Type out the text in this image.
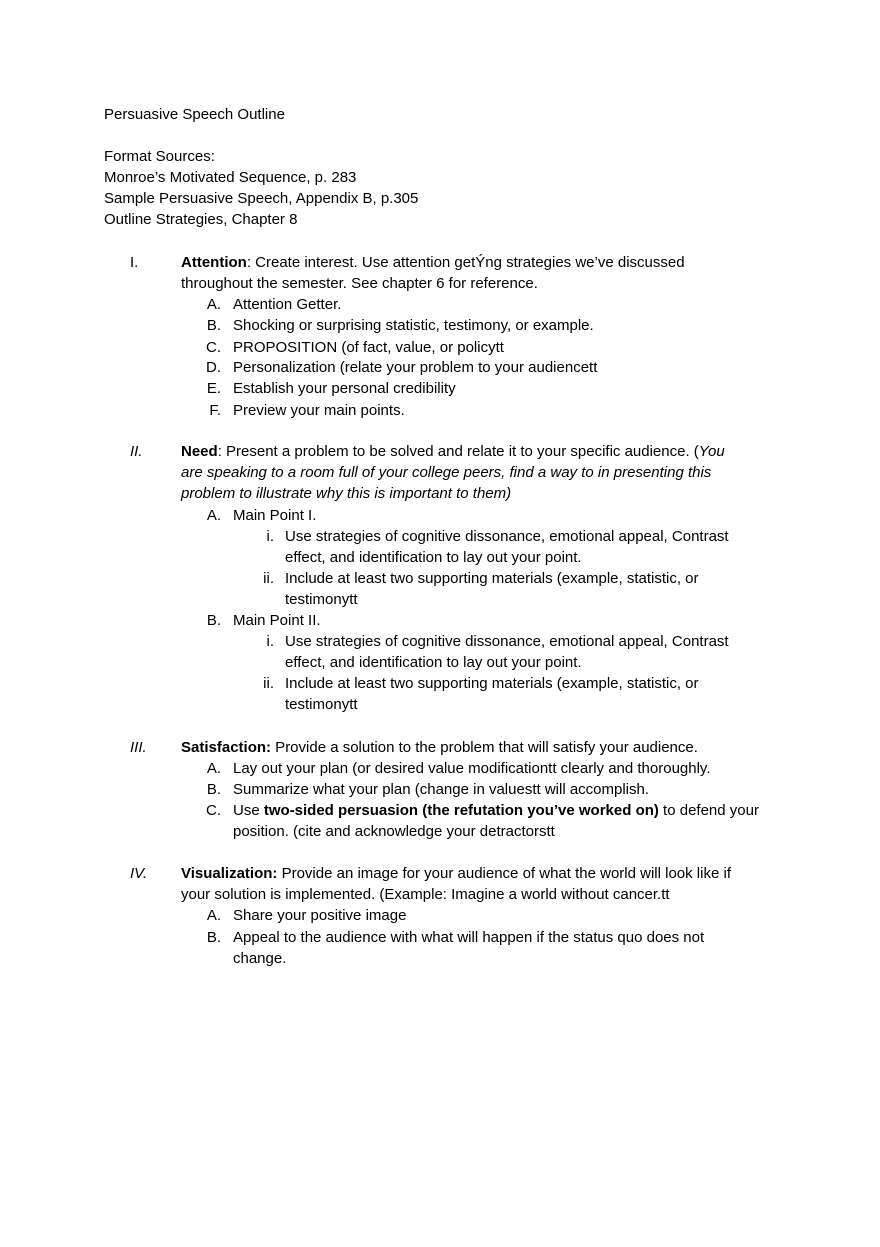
Persuasive Speech Outline
Format Sources:
Monroe’s Motivated Sequence, p. 283
Sample Persuasive Speech, Appendix B, p.305
Outline Strategies, Chapter 8
I.	Attention: Create interest. Use attention getÝng strategies we’ve discussed
throughout the semester. See chapter 6 for reference.
A. Attention Getter.
B. Shocking or surprising statistic, testimony, or example.
C. PROPOSITION (of fact, value, or policytt
D. Personalization (relate your problem to your audiencett
E. Establish your personal credibility
F. Preview your main points.
II.	Need: Present a problem to be solved and relate it to your specific audience. (You
are speaking to a room full of your college peers, find a way to in presenting this
problem to illustrate why this is important to them)
A. Main Point I.
i. Use strategies of cognitive dissonance, emotional appeal, Contrast
effect, and identification to lay out your point.
ii. Include at least two supporting materials (example, statistic, or
testimonytt
B. Main Point II.
i. Use strategies of cognitive dissonance, emotional appeal, Contrast
effect, and identification to lay out your point.
ii. Include at least two supporting materials (example, statistic, or
testimonytt
III. Satisfaction: Provide a solution to the problem that will satisfy your audience.
A. Lay out your plan (or desired value modificationtt clearly and thoroughly.
B. Summarize what your plan (change in valuestt will accomplish.
C. Use two-sided persuasion (the refutation you’ve worked on) to defend your
position. (cite and acknowledge your detractorstt
IV. Visualization: Provide an image for your audience of what the world will look like if
your solution is implemented. (Example: Imagine a world without cancer.tt
A. Share your positive image
B. Appeal to the audience with what will happen if the status quo does not
change.
